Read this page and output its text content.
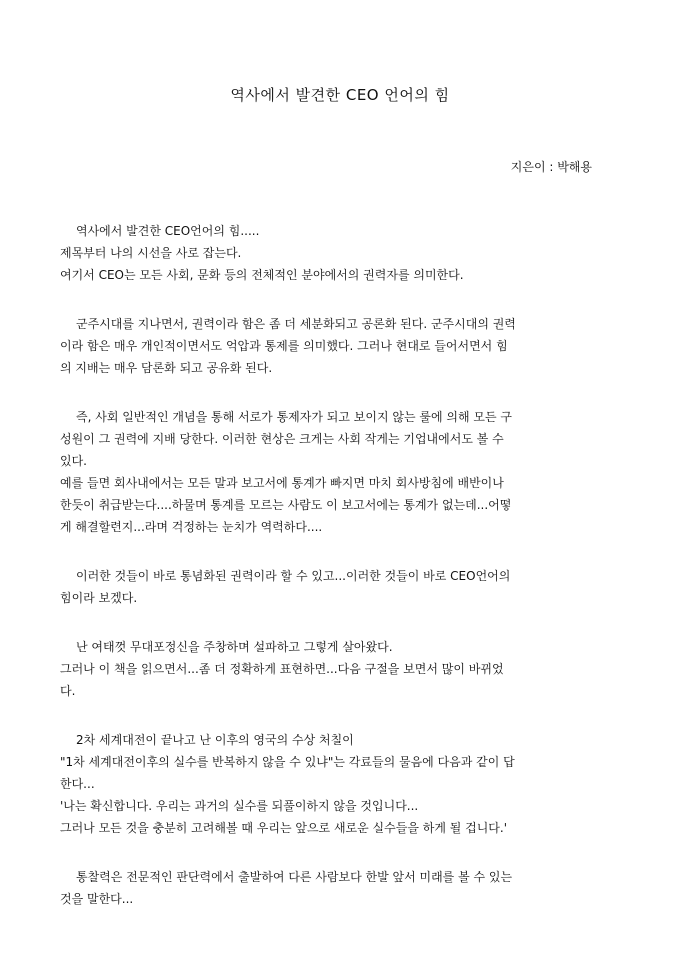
역사에서 발견한 CEO 언어의 힘
지은이 : 박해용
역사에서 발견한 CEO언어의 힘.....
제목부터 나의 시선을 사로 잡는다.
여기서 CEO는 모든 사회, 문화 등의 전체적인 분야에서의 권력자를 의미한다.
군주시대를 지나면서, 권력이라 함은 좀 더 세분화되고 공론화 된다. 군주시대의 권력
이라 함은 매우 개인적이면서도 억압과 통제를 의미했다. 그러나 현대로 들어서면서 힘
의 지배는 매우 담론화 되고 공유화 된다.
즉, 사회 일반적인 개념을 통해 서로가 통제자가 되고 보이지 않는 룰에 의해 모든 구
성원이 그 권력에 지배 당한다. 이러한 현상은 크게는 사회 작게는 기업내에서도 볼 수
있다.
예를 들면 회사내에서는 모든 말과 보고서에 통계가 빠지면 마치 회사방침에 배반이나
한듯이 취급받는다....하물며 통계를 모르는 사람도 이 보고서에는 통계가 없는데...어떻
게 해결할련지...라며 걱정하는 눈치가 역력하다....
이러한 것들이 바로 통념화된 권력이라 할 수 있고...이러한 것들이 바로 CEO언어의
힘이라 보겠다.
난 여태껏 무대포정신을 주창하며 설파하고 그렇게 살아왔다.
그러나 이 책을 읽으면서...좀 더 정확하게 표현하면...다음 구절을 보면서 많이 바뀌었
다.
2차 세계대전이 끝나고 난 이후의 영국의 수상 처칠이
"1차 세계대전이후의 실수를 반복하지 않을 수 있냐"는 각료들의 물음에 다음과 같이 답
한다...
'나는 확신합니다. 우리는 과거의 실수를 되풀이하지 않을 것입니다...
그러나 모든 것을 충분히 고려해볼 때 우리는 앞으로 새로운 실수들을 하게 될 겁니다.'
통찰력은 전문적인 판단력에서 출발하여 다른 사람보다 한발 앞서 미래를 볼 수 있는
것을 말한다...
